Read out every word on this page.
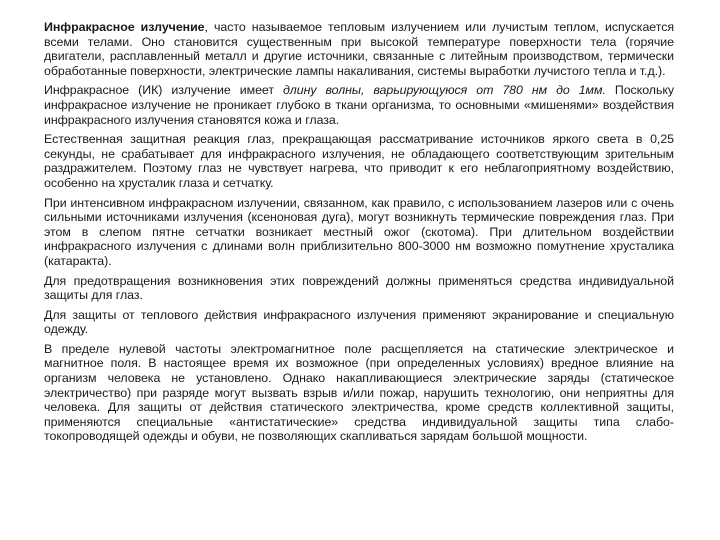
Инфракрасное излучение, часто называемое тепловым излучением или лучистым теплом, испускается всеми телами. Оно становится существенным при высокой температуре поверхности тела (горячие двигатели, расплавленный металл и другие источники, связанные с литейным производством, термически обработанные поверхности, электрические лампы накаливания, системы выработки лучистого тепла и т.д.).

Инфракрасное (ИК) излучение имеет длину волны, варьирующуюся от 780 нм до 1мм. Поскольку инфракрасное излучение не проникает глубоко в ткани организма, то основными «мишенями» воздействия инфракрасного излучения становятся кожа и глаза.

Естественная защитная реакция глаз, прекращающая рассматривание источников яркого света в 0,25 секунды, не срабатывает для инфракрасного излучения, не обладающего соответствующим зрительным раздражителем. Поэтому глаз не чувствует нагрева, что приводит к его неблагоприятному воздействию, особенно на хрусталик глаза и сетчатку.

При интенсивном инфракрасном излучении, связанном, как правило, с использованием лазеров или с очень сильными источниками излучения (ксеноновая дуга), могут возникнуть термические повреждения глаз. При этом в слепом пятне сетчатки возникает местный ожог (скотома). При длительном воздействии инфракрасного излучения с длинами волн приблизительно 800-3000 нм возможно помутнение хрусталика (катаракта).

Для предотвращения возникновения этих повреждений должны применяться средства индивидуальной защиты для глаз.

Для защиты от теплового действия инфракрасного излучения применяют экранирование и специальную одежду.

В пределе нулевой частоты электромагнитное поле расщепляется на статические электрическое и магнитное поля. В настоящее время их возможное (при определенных условиях) вредное влияние на организм человека не установлено. Однако накапливающиеся электрические заряды (статическое электричество) при разряде могут вызвать взрыв и/или пожар, нарушить технологию, они неприятны для человека. Для защиты от действия статического электричества, кроме средств коллективной защиты, применяются специальные «антистатические» средства индивидуальной защиты типа слаботокопроводящей одежды и обуви, не позволяющих скапливаться зарядам большой мощности.
